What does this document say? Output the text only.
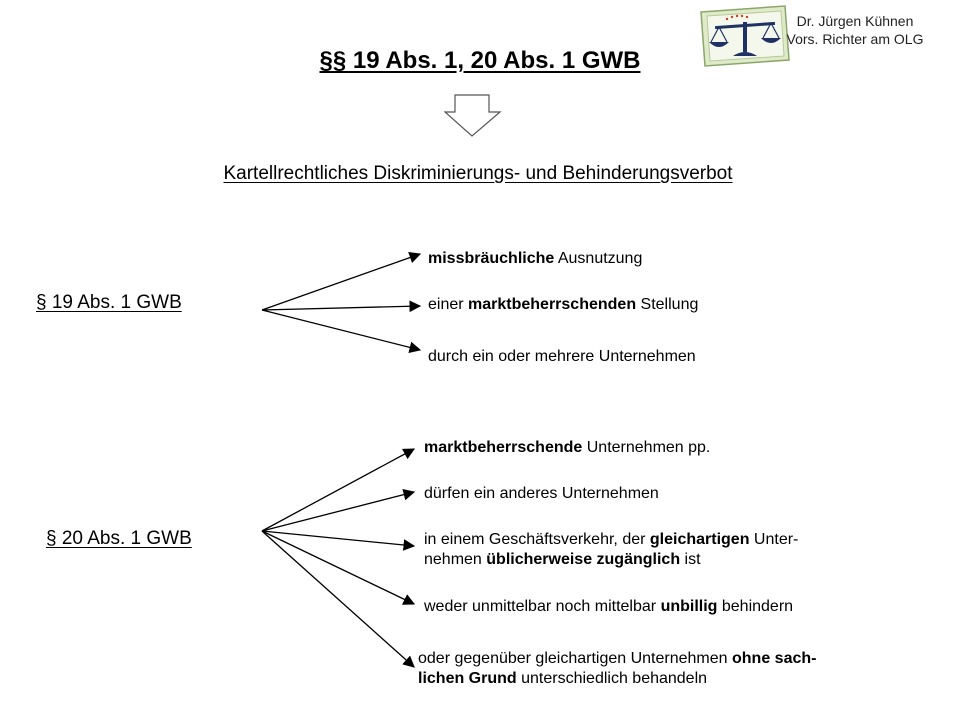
Dr. Jürgen Kühnen
Vors. Richter am OLG
§§ 19 Abs. 1, 20 Abs. 1 GWB
Kartellrechtliches Diskriminierungs- und Behinderungsverbot
§ 19 Abs. 1 GWB
missbräuchliche Ausnutzung
einer marktbeherrschenden Stellung
durch ein oder mehrere Unternehmen
§ 20 Abs. 1 GWB
marktbeherrschende Unternehmen pp.
dürfen ein anderes Unternehmen
in einem Geschäftsverkehr, der gleichartigen Unter-
nehmen üblicherweise zugänglich ist
weder unmittelbar noch mittelbar unbillig behindern
oder gegenüber gleichartigen Unternehmen ohne sach-
lichen Grund unterschiedlich behandeln
